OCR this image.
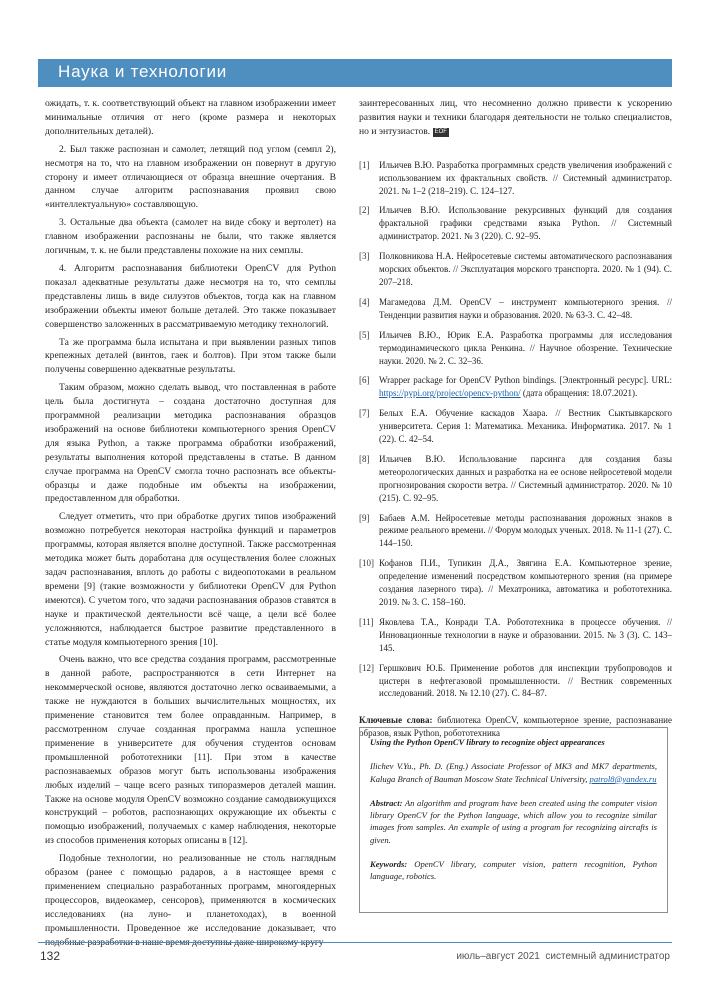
Наука и технологии

ожидать, т. к. соответствующий объект на главном изображении имеет минимальные отличия от него (кроме размера и некоторых дополнительных деталей).

2. Был также распознан и самолет, летящий под углом (семпл 2), несмотря на то, что на главном изображении он повернут в другую сторону и имеет отличающиеся от образца внешние очертания. В данном случае алгоритм распознавания проявил свою «интеллектуальную» составляющую.

3. Остальные два объекта (самолет на виде сбоку и вертолет) на главном изображении распознаны не были, что также является логичным, т. к. не были представлены похожие на них семплы.

4. Алгоритм распознавания библиотеки OpenCV для Python показал адекватные результаты даже несмотря на то, что семплы представлены лишь в виде силуэтов объектов, тогда как на главном изображении объекты имеют больше деталей. Это также показывает совершенство заложенных в рассматриваемую методику технологий.

Та же программа была испытана и при выявлении разных типов крепежных деталей (винтов, гаек и болтов). При этом также были получены совершенно адекватные результаты.

Таким образом, можно сделать вывод, что поставленная в работе цель была достигнута – создана достаточно доступная для программной реализации методика распознавания образцов изображений на основе библиотеки компьютерного зрения OpenCV для языка Python, а также программа обработки изображений, результаты выполнения которой представлены в статье. В данном случае программа на OpenCV смогла точно распознать все объекты-образцы и даже подобные им объекты на изображении, предоставленном для обработки.

Следует отметить, что при обработке других типов изображений возможно потребуется некоторая настройка функций и параметров программы, которая является вполне доступной. Также рассмотренная методика может быть доработана для осуществления более сложных задач распознавания, вплоть до работы с видеопотоками в реальном времени [9] (такие возможности у библиотеки OpenCV для Python имеются). С учетом того, что задачи распознавания образов ставятся в науке и практической деятельности всё чаще, а цели всё более усложняются, наблюдается быстрое развитие представленного в статье модуля компьютерного зрения [10].

Очень важно, что все средства создания программ, рассмотренные в данной работе, распространяются в сети Интернет на некоммерческой основе, являются достаточно легко осваиваемыми, а также не нуждаются в больших вычислительных мощностях, их применение становится тем более оправданным. Например, в рассмотренном случае созданная программа нашла успешное применение в университете для обучения студентов основам промышленной робототехники [11]. При этом в качестве распознаваемых образов могут быть использованы изображения любых изделий – чаще всего разных типоразмеров деталей машин. Также на основе модуля OpenCV возможно создание самодвижущихся конструкций – роботов, распознающих окружающие их объекты с помощью изображений, получаемых с камер наблюдения, некоторые из способов применения которых описаны в [12].

Подобные технологии, но реализованные не столь наглядным образом (ранее с помощью радаров, а в настоящее время с применением специально разработанных программ, многоядерных процессоров, видеокамер, сенсоров), применяются в космических исследованиях (на луно- и планетоходах), в военной промышленности. Проведенное же исследование доказывает, что подобные разработки в наше время доступны даже широкому кругу

заинтересованных лиц, что несомненно должно привести к ускорению развития науки и техники благодаря деятельности не только специалистов, но и энтузиастов. EOF

[1]	Ильичев В.Ю. Разработка программных средств увеличения изображений с использованием их фрактальных свойств. // Системный администратор. 2021. № 1–2 (218–219). С. 124–127.
[2]	Ильичев В.Ю. Использование рекурсивных функций для создания фрактальной графики средствами языка Python. // Системный администратор. 2021. № 3 (220). С. 92–95.
[3]	Полковникова Н.А. Нейросетевые системы автоматического распознавания морских объектов. // Эксплуатация морского транспорта. 2020. № 1 (94). С. 207–218.
[4]	Магамедова Д.М. OpenCV – инструмент компьютерного зрения. // Тенденции развития науки и образования. 2020. № 63-3. С. 42–48.
[5]	Ильичев В.Ю., Юрик Е.А. Разработка программы для исследования термодинамического цикла Ренкина. // Научное обозрение. Технические науки. 2020. № 2. С. 32–36.
[6]	Wrapper package for OpenCV Python bindings. [Электронный ресурс]. URL: https://pypi.org/project/opencv-python/ (дата обращения: 18.07.2021).
[7]	Белых Е.А. Обучение каскадов Хаара. // Вестник Сыктывкарского университета. Серия 1: Математика. Механика. Информатика. 2017. № 1 (22). С. 42–54.
[8]	Ильичев В.Ю. Использование парсинга для создания базы метеорологических данных и разработка на ее основе нейросетевой модели прогнозирования скорости ветра. // Системный администратор. 2020. № 10 (215). С. 92–95.
[9]	Бабаев А.М. Нейросетевые методы распознавания дорожных знаков в режиме реального времени. // Форум молодых ученых. 2018. № 11-1 (27). С. 144–150.
[10] Кофанов П.И., Тупикин Д.А., Звягина Е.А. Компьютерное зрение, определение изменений посредством компьютерного зрения (на примере создания лазерного тира). // Мехатроника, автоматика и робототехника. 2019. № 3. С. 158–160.
[11] Яковлева Т.А., Конради Т.А. Робототехника в процессе обучения. // Инновационные технологии в науке и образовании. 2015. № 3 (3). С. 143–145.
[12] Гершкович Ю.Б. Применение роботов для инспекции трубопроводов и цистерн в нефтегазовой промышленности. // Вестник современных исследований. 2018. № 12.10 (27). С. 84–87.
Ключевые слова: библиотека OpenCV, компьютерное зрение, распознавание образов, язык Python, робототехника

Using the Python OpenCV library to recognize object appearances

Ilichev V.Yu., Ph. D. (Eng.) Associate Professor of MK3 and MK7 departments, Kaluga Branch of Bauman Moscow State Technical University, patrol8@yandex.ru

Abstract: An algorithm and program have been created using the computer vision library OpenCV for the Python language, which allow you to recognize similar images from samples. An example of using a program for recognizing aircrafts is given.

Keywords: OpenCV library, computer vision, pattern recognition, Python language, robotics.

132	июль–август 2021 системный администратор
